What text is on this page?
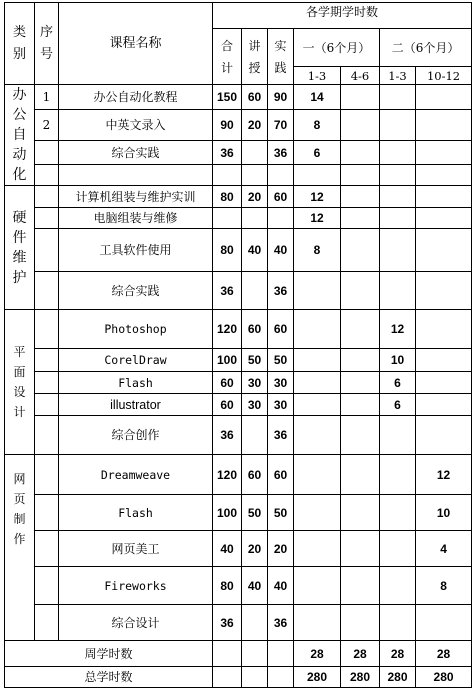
类别	序号	课程名称	各学期学时数						

			合计	讲授	实践	一（6个月）		二（6个月）	
						1-3	4-6	1-3	10-12
办公自动化	1	办公自动化教程	150	60	90	14			
	2	中英文录入	90	20	70	8			
		综合实践	36		36	6			

硬件维护		计算机组装与维护实训	80	20	60	12			
		电脑组装与维修				12			
		工具软件使用	80	40	40	8			
		综合实践	36		36				
平面设计		Photoshop	120	60	60			12	
		CorelDraw	100	50	50			10	
		Flash	60	30	30			6	
		illustrator	60	30	30			6	
		综合创作	36		36				
网页制作		Dreamweave	120	60	60				12
		Flash	100	50	50				10
		网页美工	40	20	20				4
		Fireworks	80	40	40				8
		综合设计	36		36				
周学时数						28	28	28	28
总学时数						280	280	280	280
